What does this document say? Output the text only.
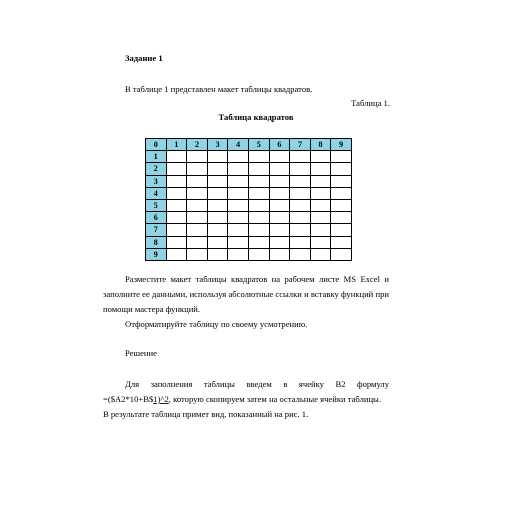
Задание 1
В таблице 1 представлен макет таблицы квадратов.
Таблица 1.
Таблица квадратов
0	1	2	3	4	5	6	7	8	9
1									
2									
3									
4									
5									
6									
7									
8									
9									
Разместите макет таблицы квадратов на рабочем листе MS Excel и
заполните ее данными, используя абсолютные ссылки и вставку функций при
помощи мастера функций.
Отформатируйте таблицу по своему усмотрению.
Решение
Для заполнения таблицы введем в ячейку В2 формулу
=($A2*10+B$1)^2, которую скопируем затем на остальные ячейки таблицы.
В результате таблица примет вид, показанный на рис. 1.
